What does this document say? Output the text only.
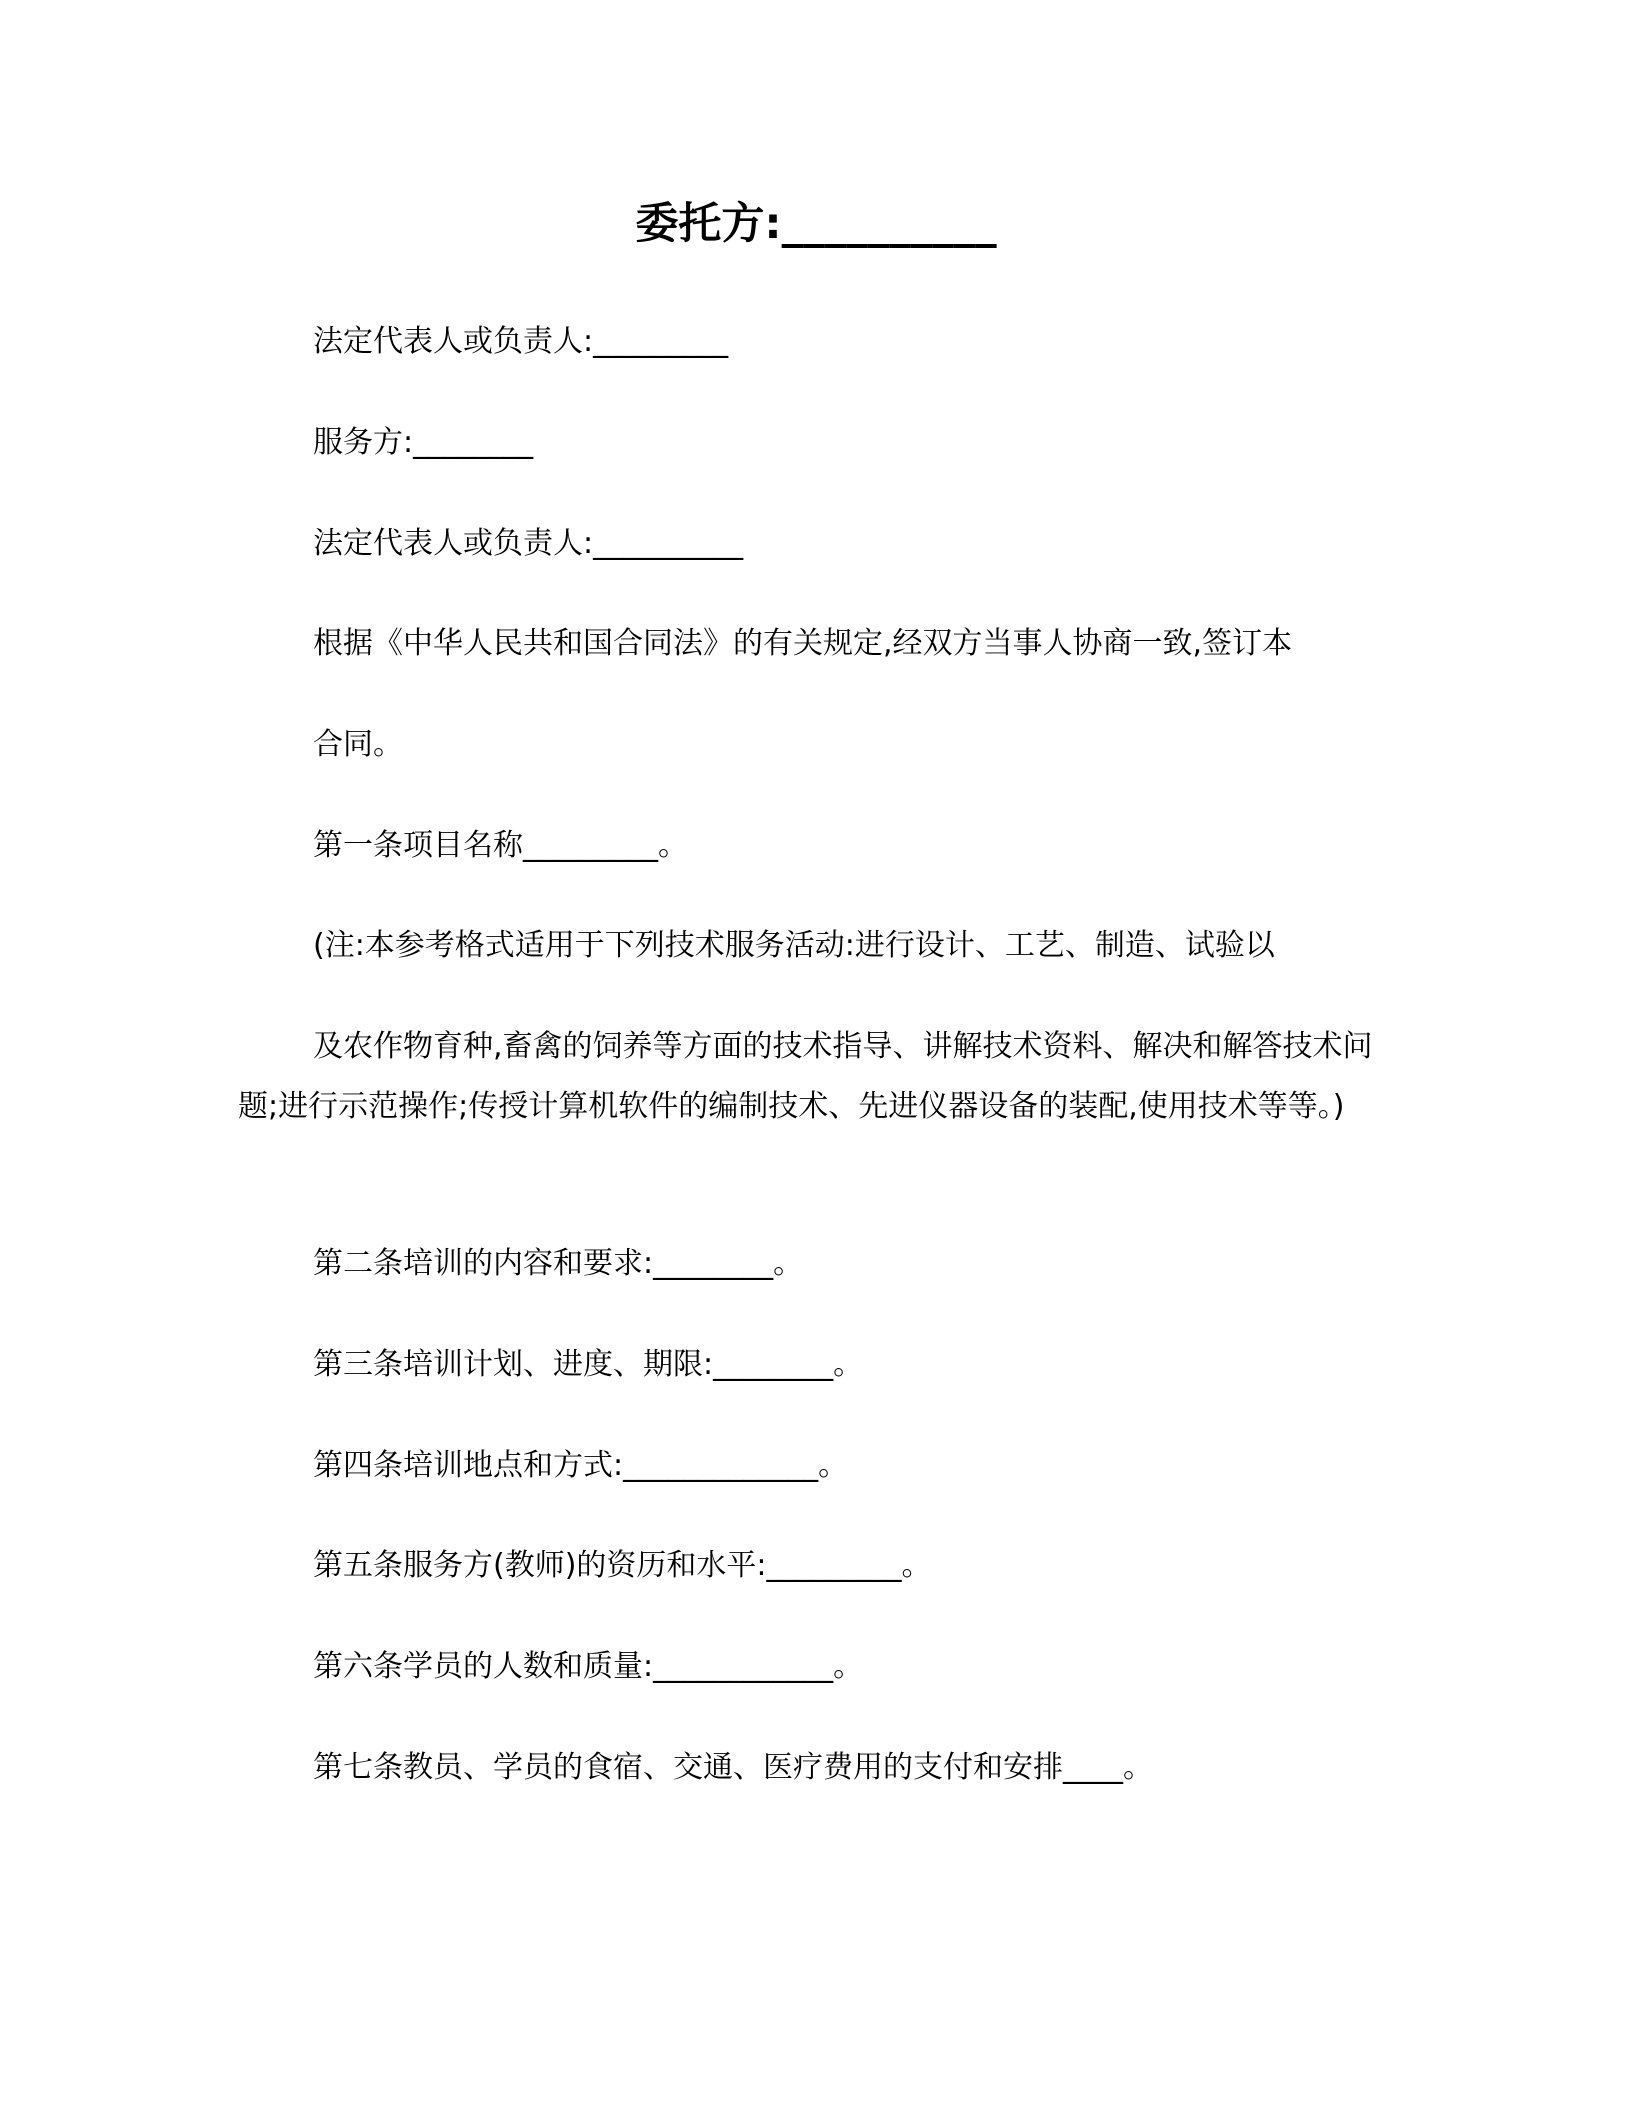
委托方:__________
法定代表人或负责人:_________
服务方:________
法定代表人或负责人:__________
根据《中华人民共和国合同法》的有关规定,经双方当事人协商一致,签订本
合同。
第一条项目名称_________。
(注:本参考格式适用于下列技术服务活动:进行设计、工艺、制造、试验以
及农作物育种,畜禽的饲养等方面的技术指导、讲解技术资料、解决和解答技术问题;进行示范操作;传授计算机软件的编制技术、先进仪器设备的装配,使用技术等等。)
第二条培训的内容和要求:________。
第三条培训计划、进度、期限:________。
第四条培训地点和方式:_____________。
第五条服务方(教师)的资历和水平:_________。
第六条学员的人数和质量:____________。
第七条教员、学员的食宿、交通、医疗费用的支付和安排____。
